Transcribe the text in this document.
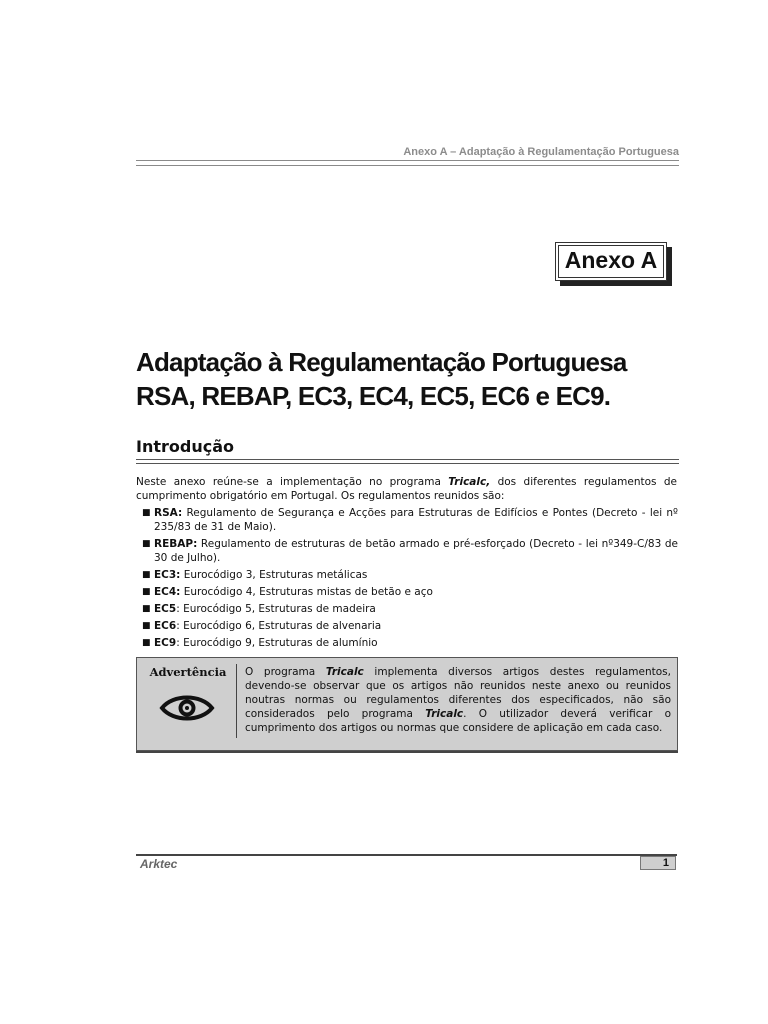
Anexo A – Adaptação à Regulamentação Portuguesa
Anexo A
Adaptação à Regulamentação Portuguesa
RSA, REBAP, EC3, EC4, EC5, EC6 e EC9.
Introdução

Neste anexo reúne-se a implementação no programa Tricalc, dos diferentes regulamentos de cumprimento obrigatório em Portugal. Os regulamentos reunidos são:

■ RSA: Regulamento de Segurança e Acções para Estruturas de Edifícios e Pontes (Decreto - lei nº 235/83 de 31 de Maio).
■ REBAP: Regulamento de estruturas de betão armado e pré-esforçado (Decreto - lei nº349-C/83 de 30 de Julho).
■ EC3: Eurocódigo 3, Estruturas metálicas
■ EC4: Eurocódigo 4, Estruturas mistas de betão e aço
■ EC5: Eurocódigo 5, Estruturas de madeira
■ EC6: Eurocódigo 6, Estruturas de alvenaria
■ EC9: Eurocódigo 9, Estruturas de alumínio
Advertência O programa Tricalc implementa diversos artigos destes regulamentos, devendo-se observar que os artigos não reunidos neste anexo ou reunidos noutras normas ou regulamentos diferentes dos especificados, não são considerados pelo programa Tricalc. O utilizador deverá verificar o cumprimento dos artigos ou normas que considere de aplicação em cada caso.

Arktec	1
